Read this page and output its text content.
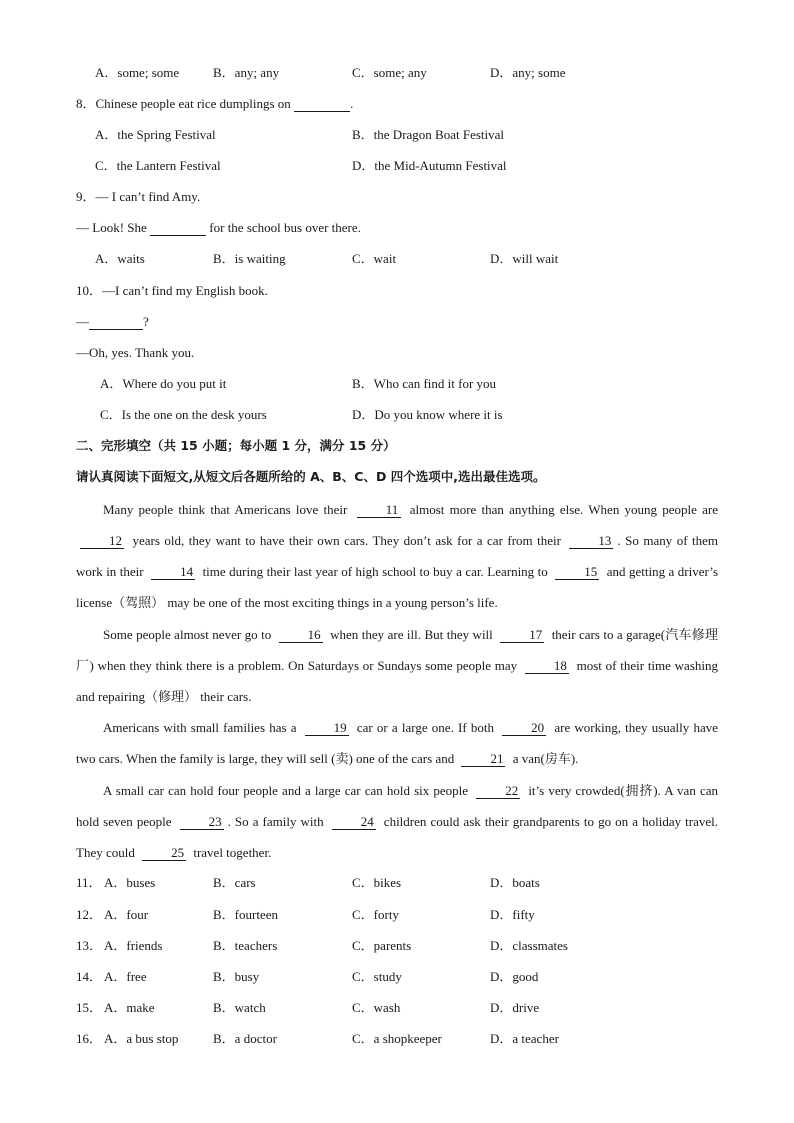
A．some; some	B．any; any	C．some; any	D．any; some
8．Chinese people eat rice dumplings on	.
A．the Spring Festival	B．the Dragon Boat Festival
C．the Lantern Festival	D．the Mid-Autumn Festival
9．— I can’t find Amy.
— Look! She	for the school bus over there.
A．waits	B．is waiting	C．wait	D．will wait
10．—I can’t find my English book.
—	?
—Oh, yes. Thank you.
A．Where do you put it	B．Who can find it for you
C．Is the one on the desk yours	D．Do you know where it is
二、完形填空（共 15 小题；每小题 1 分，满分 15 分）
请认真阅读下面短文,从短文后各题所给的 A、B、C、D 四个选项中,选出最佳选项。
Many people think that Americans love their	11 almost more than anything else. When young people are 12 years old, they want to have their own cars. They don’t ask for a car from their	13 . So many of them work in their	14 time during their last year of high school to buy a car. Learning to	15 and getting a driver’s license（驾照） may be one of the most exciting things in a young person’s life.
Some people almost never go to	16 when they are ill. But they will	17 their cars to a garage(汽车修理厂) when they think there is a problem. On Saturdays or Sundays some people may	18 most of their time washing and repairing（修理） their cars.
Americans with small families has a	19 car or a large one. If both	20 are working, they usually have two cars. When the family is large, they will sell (卖) one of the cars and	21 a van(房车).
A small car can hold four people and a large car can hold six people	22 it’s very crowded(拥挤). A van can hold seven people	23 . So a family with	24 children could ask their grandparents to go on a holiday travel. They could	25 travel together.
11． A．buses	B．cars	C．bikes	D．boats
12． A．four	B．fourteen	C．forty	D．fifty
13． A．friends	B．teachers	C．parents	D．classmates
14． A．free	B．busy	C．study	D．good
15． A．make	B．watch	C．wash	D．drive
16． A．a bus stop	B．a doctor	C．a shopkeeper	D．a teacher
